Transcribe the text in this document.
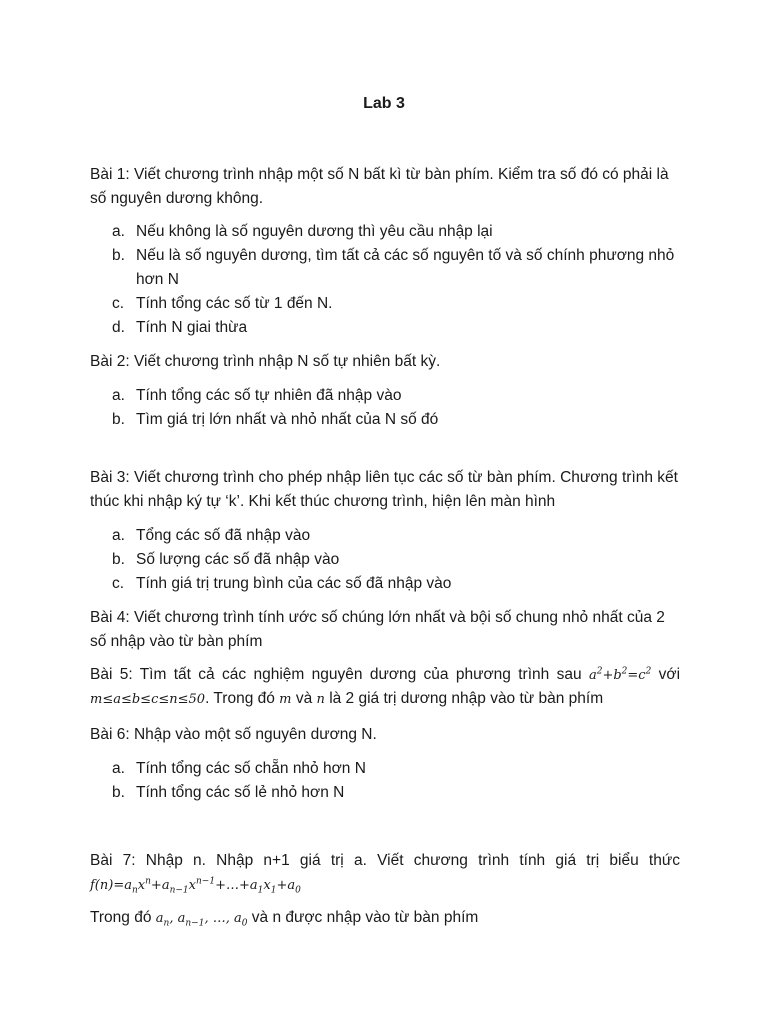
Lab 3
Bài 1: Viết chương trình nhập một số N bất kì từ bàn phím. Kiểm tra số đó có phải là số nguyên dương không.
a. Nếu không là số nguyên dương thì yêu cầu nhập lại
b. Nếu là số nguyên dương, tìm tất cả các số nguyên tố và số chính phương nhỏ hơn N
c. Tính tổng các số từ 1 đến N.
d. Tính N giai thừa
Bài 2: Viết chương trình nhập N số tự nhiên bất kỳ.
a. Tính tổng các số tự nhiên đã nhập vào
b. Tìm giá trị lớn nhất và nhỏ nhất của N số đó
Bài 3: Viết chương trình cho phép nhập liên tục các số từ bàn phím. Chương trình kết thúc khi nhập ký tự ‘k’. Khi kết thúc chương trình, hiện lên màn hình
a. Tổng các số đã nhập vào
b. Số lượng các số đã nhập vào
c. Tính giá trị trung bình của các số đã nhập vào
Bài 4: Viết chương trình tính ước số chúng lớn nhất và bội số chung nhỏ nhất của 2 số nhập vào từ bàn phím
Bài 5: Tìm tất cả các nghiệm nguyên dương của phương trình sau $a^2+b^2=c^2$ với
m≤a≤b≤c≤n≤50. Trong đó m và n là 2 giá trị dương nhập vào từ bàn phím
Bài 6: Nhập vào một số nguyên dương N.
a. Tính tổng các số chẵn nhỏ hơn N
b. Tính tổng các số lẻ nhỏ hơn N
Bài 7: Nhập n. Nhập n+1 giá trị a. Viết chương trình tính giá trị biểu thức
$f(n)=a_nx^n+a_{n-1}x^{n-1}+\dots+a_1x_1+a_0$
Trong đó $a_n$, $a_{n-1}$, …, $a_0$ và n được nhập vào từ bàn phím
